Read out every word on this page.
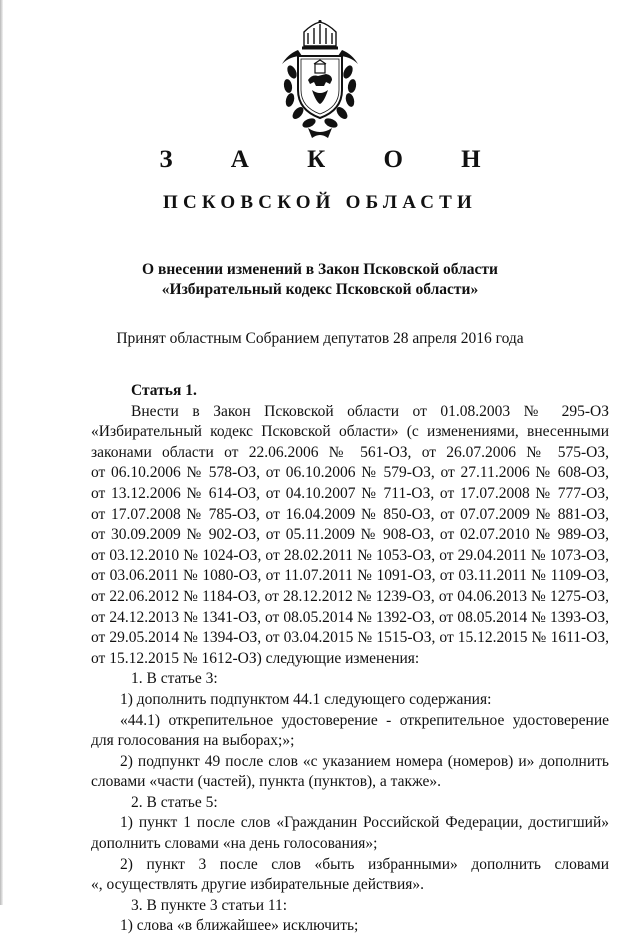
З А К О Н
ПСКОВСКОЙ ОБЛАСТИ
О внесении изменений в Закон Псковской области
«Избирательный кодекс Псковской области»
Принят областным Собранием депутатов 28 апреля 2016 года
Статья 1.
Внести в Закон Псковской области от 01.08.2003 № 295-ОЗ
«Избирательный кодекс Псковской области» (с изменениями, внесенными
законами области от 22.06.2006 № 561-ОЗ, от 26.07.2006 № 575-ОЗ,
от 06.10.2006 № 578-ОЗ, от 06.10.2006 № 579-ОЗ, от 27.11.2006 № 608-ОЗ,
от 13.12.2006 № 614-ОЗ, от 04.10.2007 № 711-ОЗ, от 17.07.2008 № 777-ОЗ,
от 17.07.2008 № 785-ОЗ, от 16.04.2009 № 850-ОЗ, от 07.07.2009 № 881-ОЗ,
от 30.09.2009 № 902-ОЗ, от 05.11.2009 № 908-ОЗ, от 02.07.2010 № 989-ОЗ,
от 03.12.2010 № 1024-ОЗ, от 28.02.2011 № 1053-ОЗ, от 29.04.2011 № 1073-ОЗ,
от 03.06.2011 № 1080-ОЗ, от 11.07.2011 № 1091-ОЗ, от 03.11.2011 № 1109-ОЗ,
от 22.06.2012 № 1184-ОЗ, от 28.12.2012 № 1239-ОЗ, от 04.06.2013 № 1275-ОЗ,
от 24.12.2013 № 1341-ОЗ, от 08.05.2014 № 1392-ОЗ, от 08.05.2014 № 1393-ОЗ,
от 29.05.2014 № 1394-ОЗ, от 03.04.2015 № 1515-ОЗ, от 15.12.2015 № 1611-ОЗ,
от 15.12.2015 № 1612-ОЗ) следующие изменения:
1. В статье 3:
1) дополнить подпунктом 44.1 следующего содержания:
«44.1) открепительное удостоверение - открепительное удостоверение
для голосования на выборах;»;
2) подпункт 49 после слов «с указанием номера (номеров) и» дополнить
словами «части (частей), пункта (пунктов), а также».
2. В статье 5:
1) пункт 1 после слов «Гражданин Российской Федерации, достигший»
дополнить словами «на день голосования»;
2) пункт 3 после слов «быть избранными» дополнить словами
«, осуществлять другие избирательные действия».
3. В пункте 3 статьи 11:
1) слова «в ближайшее» исключить;
